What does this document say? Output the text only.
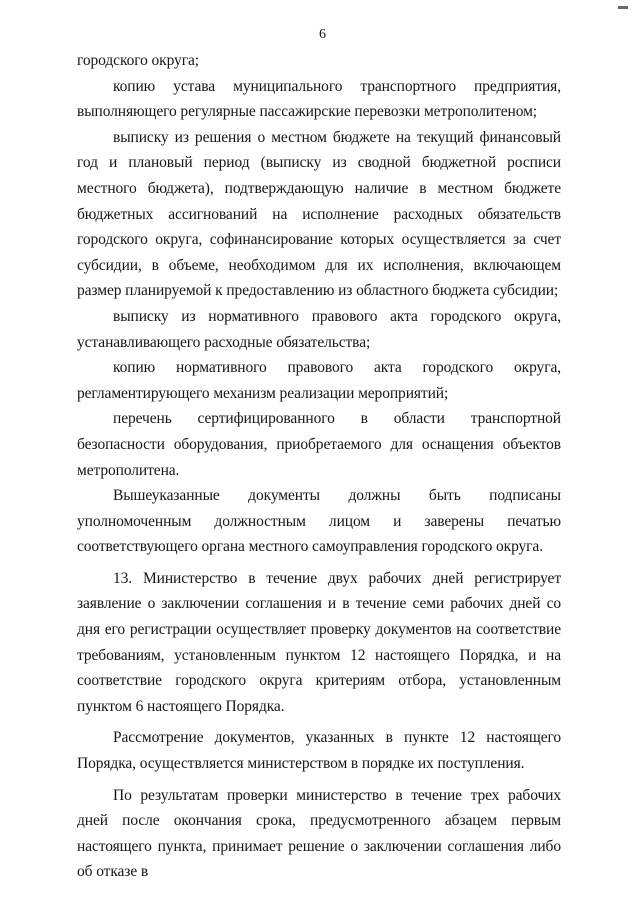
6

городского округа;

копию устава муниципального транспортного предприятия, выполняющего регулярные пассажирские перевозки метрополитеном;

выписку из решения о местном бюджете на текущий финансовый год и плановый период (выписку из сводной бюджетной росписи местного бюджета), подтверждающую наличие в местном бюджете бюджетных ассигнований на исполнение расходных обязательств городского округа, софинансирование которых осуществляется за счет субсидии, в объеме, необходимом для их исполнения, включающем размер планируемой к предоставлению из областного бюджета субсидии;

выписку из нормативного правового акта городского округа, устанавливающего расходные обязательства;

копию нормативного правового акта городского округа, регламентирующего механизм реализации мероприятий;

перечень сертифицированного в области транспортной безопасности оборудования, приобретаемого для оснащения объектов метрополитена.

Вышеуказанные документы должны быть подписаны уполномоченным должностным лицом и заверены печатью соответствующего органа местного самоуправления городского округа.

13. Министерство в течение двух рабочих дней регистрирует заявление о заключении соглашения и в течение семи рабочих дней со дня его регистрации осуществляет проверку документов на соответствие требованиям, установленным пунктом 12 настоящего Порядка, и на соответствие городского округа критериям отбора, установленным пунктом 6 настоящего Порядка.

Рассмотрение документов, указанных в пункте 12 настоящего Порядка, осуществляется министерством в порядке их поступления.

По результатам проверки министерство в течение трех рабочих дней после окончания срока, предусмотренного абзацем первым настоящего пункта, принимает решение о заключении соглашения либо об отказе в
